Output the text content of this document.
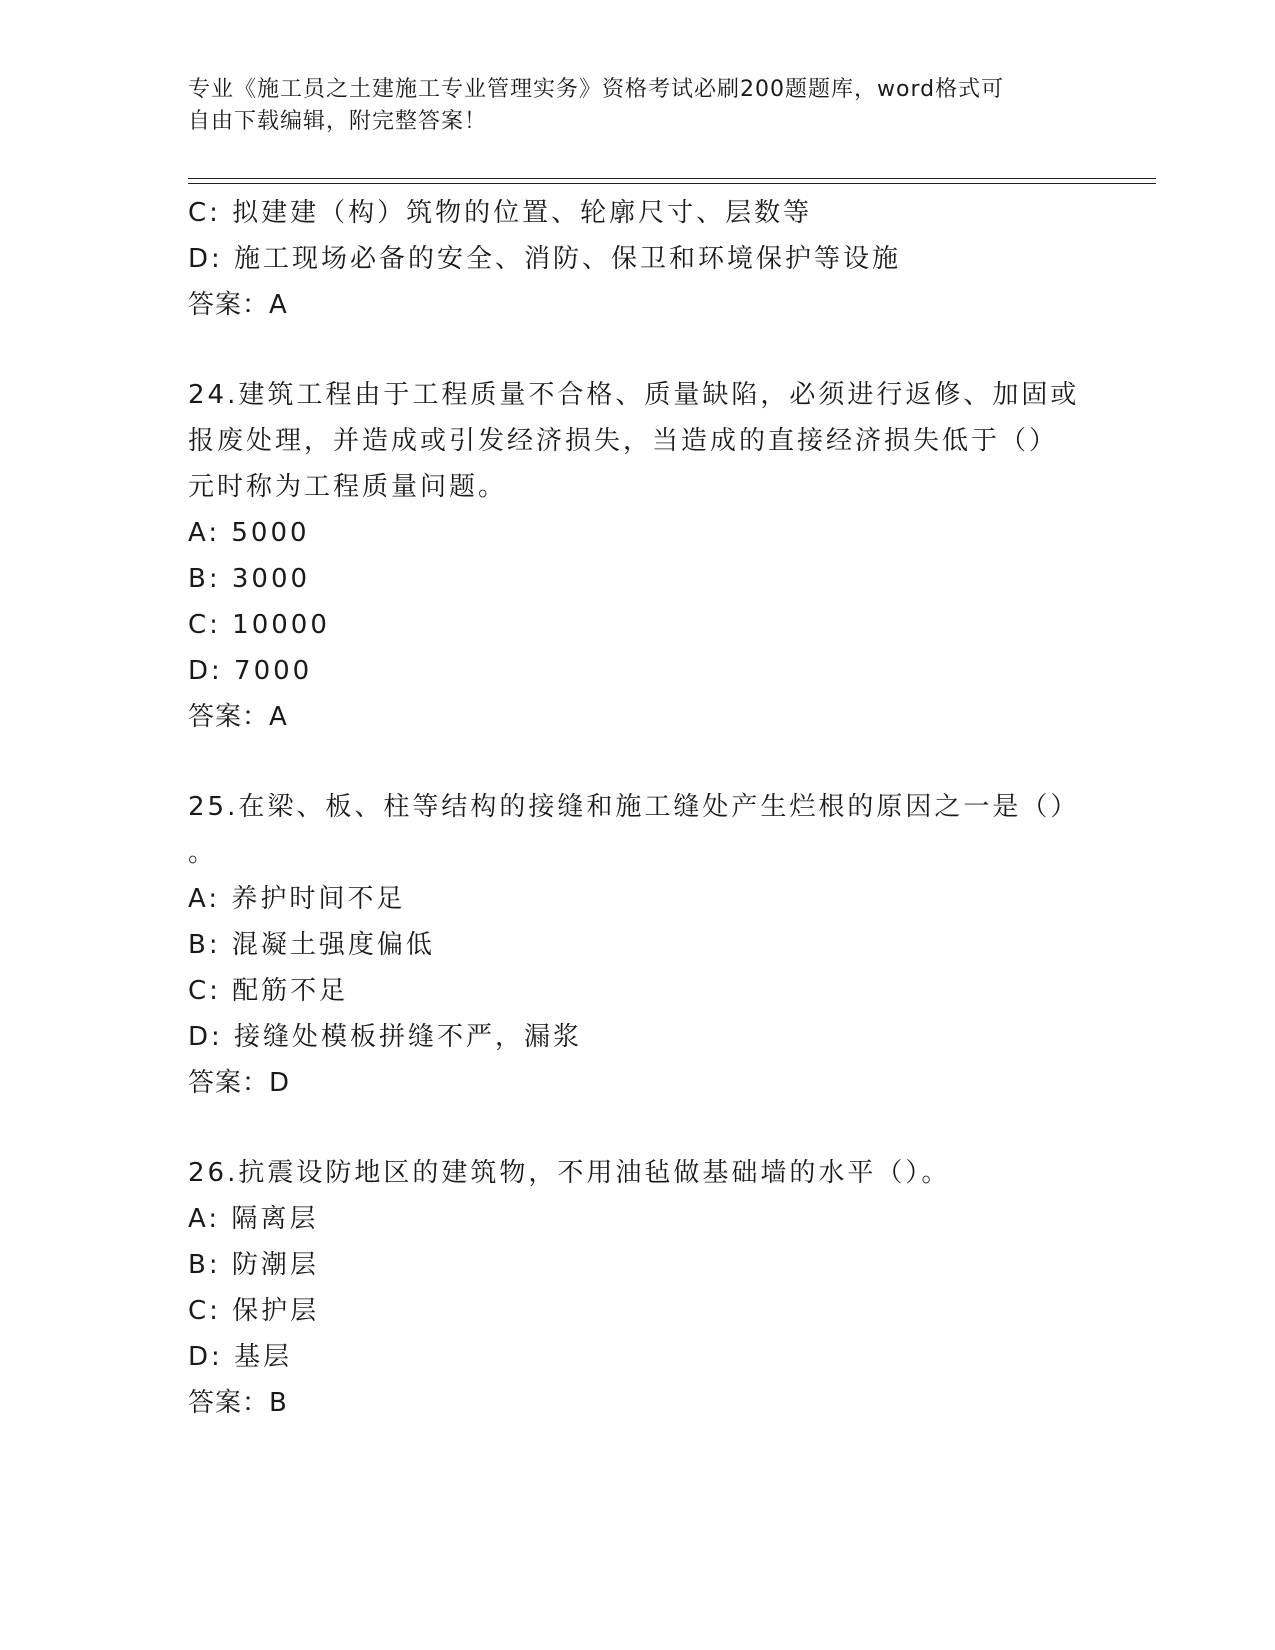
专业《施工员之土建施工专业管理实务》资格考试必刷200题题库，word格式可
自由下载编辑，附完整答案！
C: 拟建建（构）筑物的位置、轮廓尺寸、层数等
D: 施工现场必备的安全、消防、保卫和环境保护等设施
答案：A
24.建筑工程由于工程质量不合格、质量缺陷，必须进行返修、加固或
报废处理，并造成或引发经济损失，当造成的直接经济损失低于（）
元时称为工程质量问题。
A: 5000
B: 3000
C: 10000
D: 7000
答案：A
25.在梁、板、柱等结构的接缝和施工缝处产生烂根的原因之一是（）
。
A: 养护时间不足
B: 混凝土强度偏低
C: 配筋不足
D: 接缝处模板拼缝不严，漏浆
答案：D
26.抗震设防地区的建筑物，不用油毡做基础墙的水平（）。
A: 隔离层
B: 防潮层
C: 保护层
D: 基层
答案：B
